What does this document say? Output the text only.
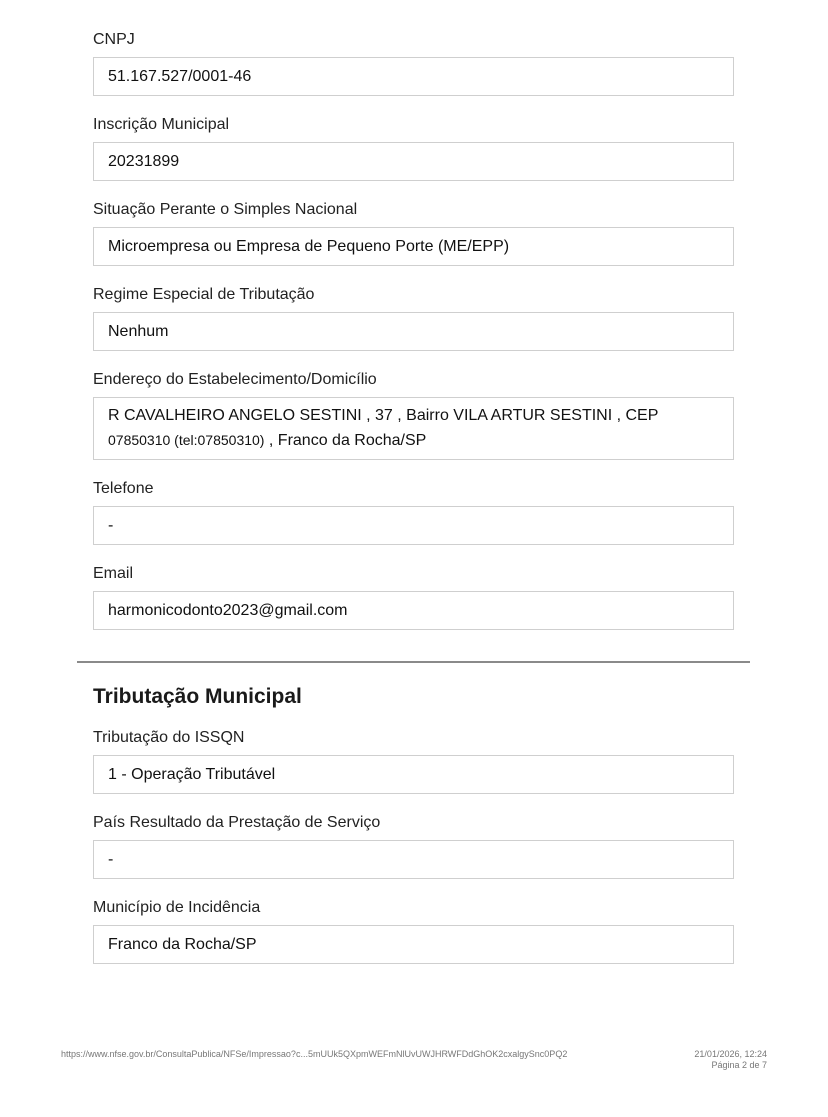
CNPJ
51.167.527/0001-46
Inscrição Municipal
20231899
Situação Perante o Simples Nacional
Microempresa ou Empresa de Pequeno Porte (ME/EPP)
Regime Especial de Tributação
Nenhum
Endereço do Estabelecimento/Domicílio
R CAVALHEIRO ANGELO SESTINI , 37 , Bairro VILA ARTUR SESTINI , CEP
07850310 (tel:07850310) , Franco da Rocha/SP
Telefone
-
Email
harmonicodonto2023@gmail.com
Tributação Municipal
Tributação do ISSQN
1 - Operação Tributável
País Resultado da Prestação de Serviço
-
Município de Incidência
Franco da Rocha/SP
https://www.nfse.gov.br/ConsultaPublica/NFSe/Impressao?c...5mUUk5QXpmWEFmNlUvUWJHRWFDdGhOK2cxalgySnc0PQ2	21/01/2026, 12:24
Página 2 de 7
